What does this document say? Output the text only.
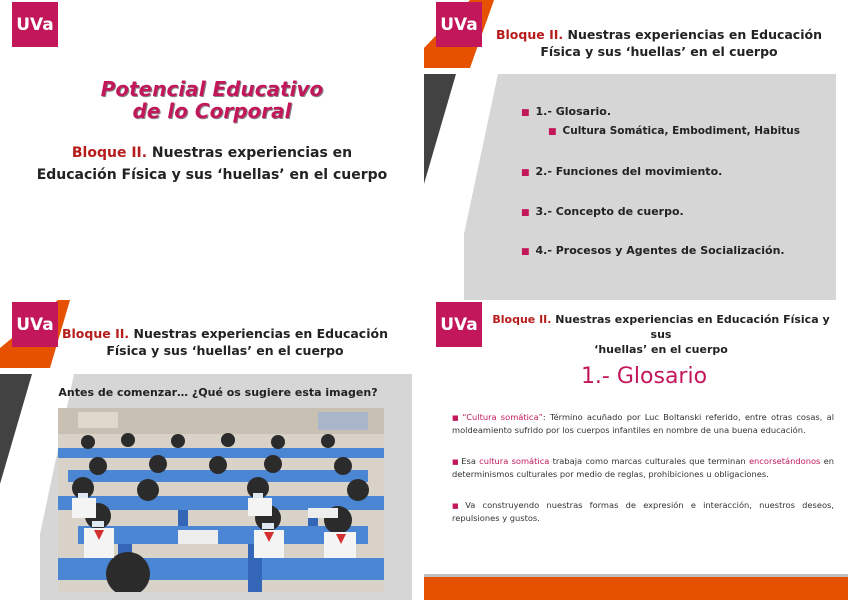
UVa
Potencial Educativo
de lo Corporal
Bloque II. Nuestras experiencias en
Educación Física y sus ‘huellas’ en el cuerpo
UVa	Bloque II. Nuestras experiencias en Educación
Física y sus ‘huellas’ en el cuerpo
■ 1.- Glosario.
■ Cultura Somática, Embodiment, Habitus
■ 2.- Funciones del movimiento.
■ 3.- Concepto de cuerpo.
■ 4.- Procesos y Agentes de Socialización.
UVa Bloque II. Nuestras experiencias en Educación
Física y sus ‘huellas’ en el cuerpo
Antes de comenzar… ¿Qué os sugiere esta imagen?
UVa	Bloque II. Nuestras experiencias en Educación Física y sus
‘huellas’ en el cuerpo
1.- Glosario
■ “Cultura somática”: Término acuñado por Luc Boltanski referido, entre otras cosas, al moldeamiento sufrido por los cuerpos infantiles en nombre de una buena educación.
■ Esa cultura somática trabaja como marcas culturales que terminan encorsetándonos en determinismos culturales por medio de reglas, prohibiciones u obligaciones.
■ Va construyendo nuestras formas de expresión e interacción, nuestros deseos, repulsiones y gustos.
